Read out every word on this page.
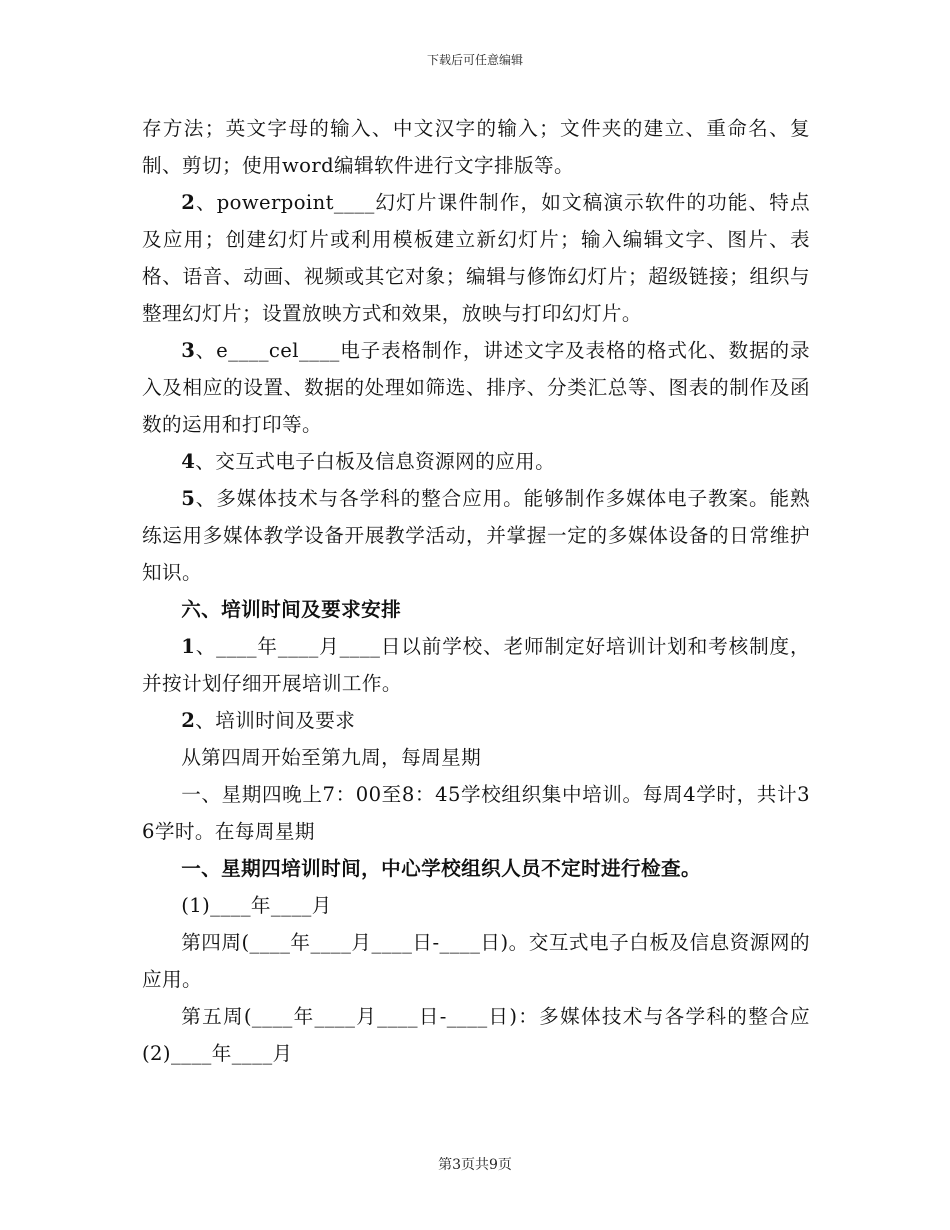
下载后可任意编辑

存方法；英文字母的输入、中文汉字的输入；文件夹的建立、重命名、复制、剪切；使用word编辑软件进行文字排版等。

2、powerpoint____幻灯片课件制作，如文稿演示软件的功能、特点及应用；创建幻灯片或利用模板建立新幻灯片；输入编辑文字、图片、表格、语音、动画、视频或其它对象；编辑与修饰幻灯片；超级链接；组织与整理幻灯片；设置放映方式和效果，放映与打印幻灯片。

3、e____cel____电子表格制作，讲述文字及表格的格式化、数据的录入及相应的设置、数据的处理如筛选、排序、分类汇总等、图表的制作及函数的运用和打印等。

4、交互式电子白板及信息资源网的应用。

5、多媒体技术与各学科的整合应用。能够制作多媒体电子教案。能熟练运用多媒体教学设备开展教学活动，并掌握一定的多媒体设备的日常维护知识。

六、培训时间及要求安排

1、____年____月____日以前学校、老师制定好培训计划和考核制度，并按计划仔细开展培训工作。

2、培训时间及要求

从第四周开始至第九周，每周星期

一、星期四晚上7：00至8：45学校组织集中培训。每周4学时，共计36学时。在每周星期

一、星期四培训时间，中心学校组织人员不定时进行检查。

(1)____年____月

第四周(____年____月____日-____日)。交互式电子白板及信息资源网的应用。

第五周(____年____月____日-____日)：多媒体技术与各学科的整合应(2)____年____月

第3页共9页
